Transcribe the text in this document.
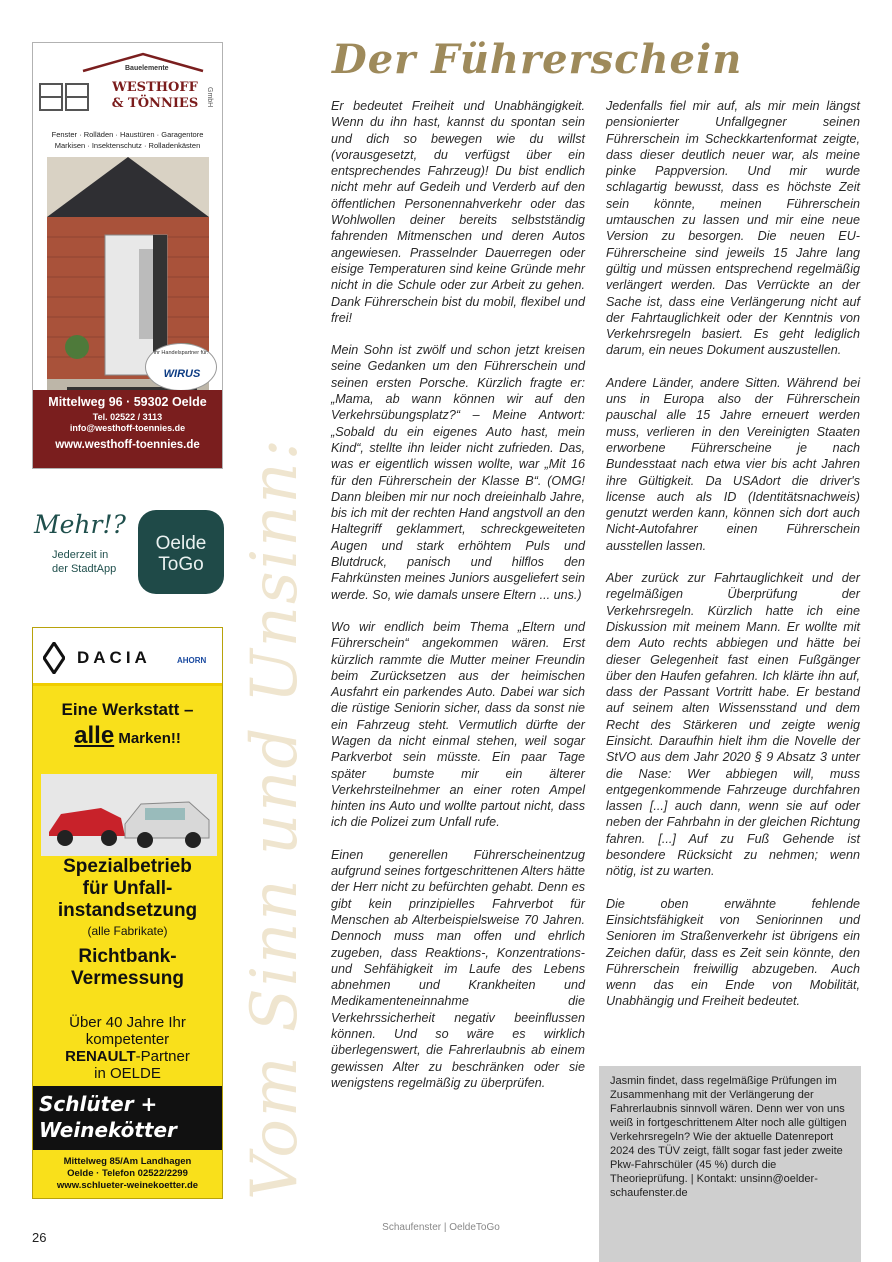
Bauelemente
WESTHOFF
& TÖNNIES	GmbH
Fenster · Rolläden · Haustüren · Garagentore
Markisen · Insektenschutz · Rolladenkästen
Ihr Handelspartner für:
WIRUS
Mittelweg 96 · 59302 Oelde
Tel. 02522 / 3113
info@westhoff-toennies.de
www.westhoff-toennies.de
Mehr!?
Jederzeit in
der StadtApp
Oelde
ToGo
DACIA	AHORN
Eine Werkstatt –
alle Marken!!
Spezialbetrieb
für Unfall-
instandsetzung
(alle Fabrikate)
Richtbank-
Vermessung
Über 40 Jahre Ihr
kompetenter
RENAULT-Partner
in OELDE
Schlüter +
Weinekötter
Mittelweg 85/Am Landhagen
Oelde · Telefon 02522/2299
www.schlueter-weinekoetter.de Vom Sinn und Unsinn:
Der Führerschein

Er bedeutet Freiheit und Unabhängigkeit. Wenn du ihn hast, kannst du spontan sein und dich so bewegen wie du willst (vorausgesetzt, du verfügst über ein entsprechendes Fahrzeug)! Du bist endlich nicht mehr auf Gedeih und Verderb auf den öffentlichen Personennahverkehr oder das Wohlwollen deiner bereits selbstständig fahrenden Mitmenschen und deren Autos angewiesen. Prasselnder Dauerregen oder eisige Temperaturen sind keine Gründe mehr nicht in die Schule oder zur Arbeit zu gehen. Dank Führerschein bist du mobil, flexibel und frei!

Mein Sohn ist zwölf und schon jetzt kreisen seine Gedanken um den Führerschein und seinen ersten Porsche. Kürzlich fragte er: „Mama, ab wann können wir auf den Verkehrsübungsplatz?“ – Meine Antwort: „Sobald du ein eigenes Auto hast, mein Kind“, stellte ihn leider nicht zufrieden. Das, was er eigentlich wissen wollte, war „Mit 16 für den Führerschein der Klasse B“. (OMG! Dann bleiben mir nur noch dreieinhalb Jahre, bis ich mit der rechten Hand angstvoll an den Haltegriff geklammert, schreckgeweiteten Augen und stark erhöhtem Puls und Blutdruck, panisch und hilflos den Fahrkünsten meines Juniors ausgeliefert sein werde. So, wie damals unsere Eltern ... uns.)

Wo wir endlich beim Thema „Eltern und Führerschein“ angekommen wären. Erst kürzlich rammte die Mutter meiner Freundin beim Zurücksetzen aus der heimischen Ausfahrt ein parkendes Auto. Dabei war sich die rüstige Seniorin sicher, dass da sonst nie ein Fahrzeug steht. Vermutlich dürfte der Wagen da nicht einmal stehen, weil sogar Parkverbot sein müsste. Ein paar Tage später bumste mir ein älterer Verkehrsteilnehmer an einer roten Ampel hinten ins Auto und wollte partout nicht, dass ich die Polizei zum Unfall rufe.

Einen generellen Führerscheinentzug aufgrund seines fortgeschrittenen Alters hätte der Herr nicht zu befürchten gehabt. Denn es gibt kein prinzipielles Fahrverbot für Menschen ab Alterbeispielsweise 70 Jahren. Dennoch muss man offen und ehrlich zugeben, dass Reaktions-, Konzentrations- und Sehfähigkeit im Laufe des Lebens abnehmen und Krankheiten und Medikamenteneinnahme die Verkehrssicherheit negativ beeinflussen können. Und so wäre es wirklich überlegenswert, die Fahrerlaubnis ab einem gewissen Alter zu beschränken oder sie wenigstens regelmäßig zu überprüfen.

Jedenfalls fiel mir auf, als mir mein längst pensionierter Unfallgegner seinen Führerschein im Scheckkartenformat zeigte, dass dieser deutlich neuer war, als meine pinke Pappversion. Und mir wurde schlagartig bewusst, dass es höchste Zeit sein könnte, meinen Führerschein umtauschen zu lassen und mir eine neue Version zu besorgen. Die neuen EU-Führerscheine sind jeweils 15 Jahre lang gültig und müssen entsprechend regelmäßig verlängert werden. Das Verrückte an der Sache ist, dass eine Verlängerung nicht auf der Fahrtauglichkeit oder der Kenntnis von Verkehrsregeln basiert. Es geht lediglich darum, ein neues Dokument auszustellen.

Andere Länder, andere Sitten. Während bei uns in Europa also der Führerschein pauschal alle 15 Jahre erneuert werden muss, verlieren in den Vereinigten Staaten erworbene Führerscheine je nach Bundesstaat nach etwa vier bis acht Jahren ihre Gültigkeit. Da USAdort die driver's license auch als ID (Identitätsnachweis) genutzt werden kann, können sich dort auch Nicht-Autofahrer einen Führerschein ausstellen lassen.

Aber zurück zur Fahrtauglichkeit und der regelmäßigen Überprüfung der Verkehrsregeln. Kürzlich hatte ich eine Diskussion mit meinem Mann. Er wollte mit dem Auto rechts abbiegen und hätte bei dieser Gelegenheit fast einen Fußgänger über den Haufen gefahren. Ich klärte ihn auf, dass der Passant Vortritt habe. Er bestand auf seinem alten Wissensstand und dem Recht des Stärkeren und zeigte wenig Einsicht. Daraufhin hielt ihm die Novelle der StVO aus dem Jahr 2020 § 9 Absatz 3 unter die Nase: Wer abbiegen will, muss entgegenkommende Fahrzeuge durchfahren lassen [...] auch dann, wenn sie auf oder neben der Fahrbahn in der gleichen Richtung fahren. [...] Auf zu Fuß Gehende ist besondere Rücksicht zu nehmen; wenn nötig, ist zu warten.

Die oben erwähnte fehlende Einsichtsfähigkeit von Seniorinnen und Senioren im Straßenverkehr ist übrigens ein Zeichen dafür, dass es Zeit sein könnte, den Führerschein freiwillig abzugeben. Auch wenn das ein Ende von Mobilität, Unabhängig und Freiheit bedeutet.

Jasmin findet, dass regelmäßige Prüfungen im Zusammenhang mit der Verlängerung der Fahrerlaubnis sinnvoll wären. Denn wer von uns weiß in fortgeschrittenem Alter noch alle gültigen Verkehrsregeln? Wie der aktuelle Datenreport 2024 des TÜV zeigt, fällt sogar fast jeder zweite Pkw-Fahrschüler (45 %) durch die Theorieprüfung. | Kontakt: unsinn@oelder-schaufenster.de
Schaufenster | OeldeToGo
26
